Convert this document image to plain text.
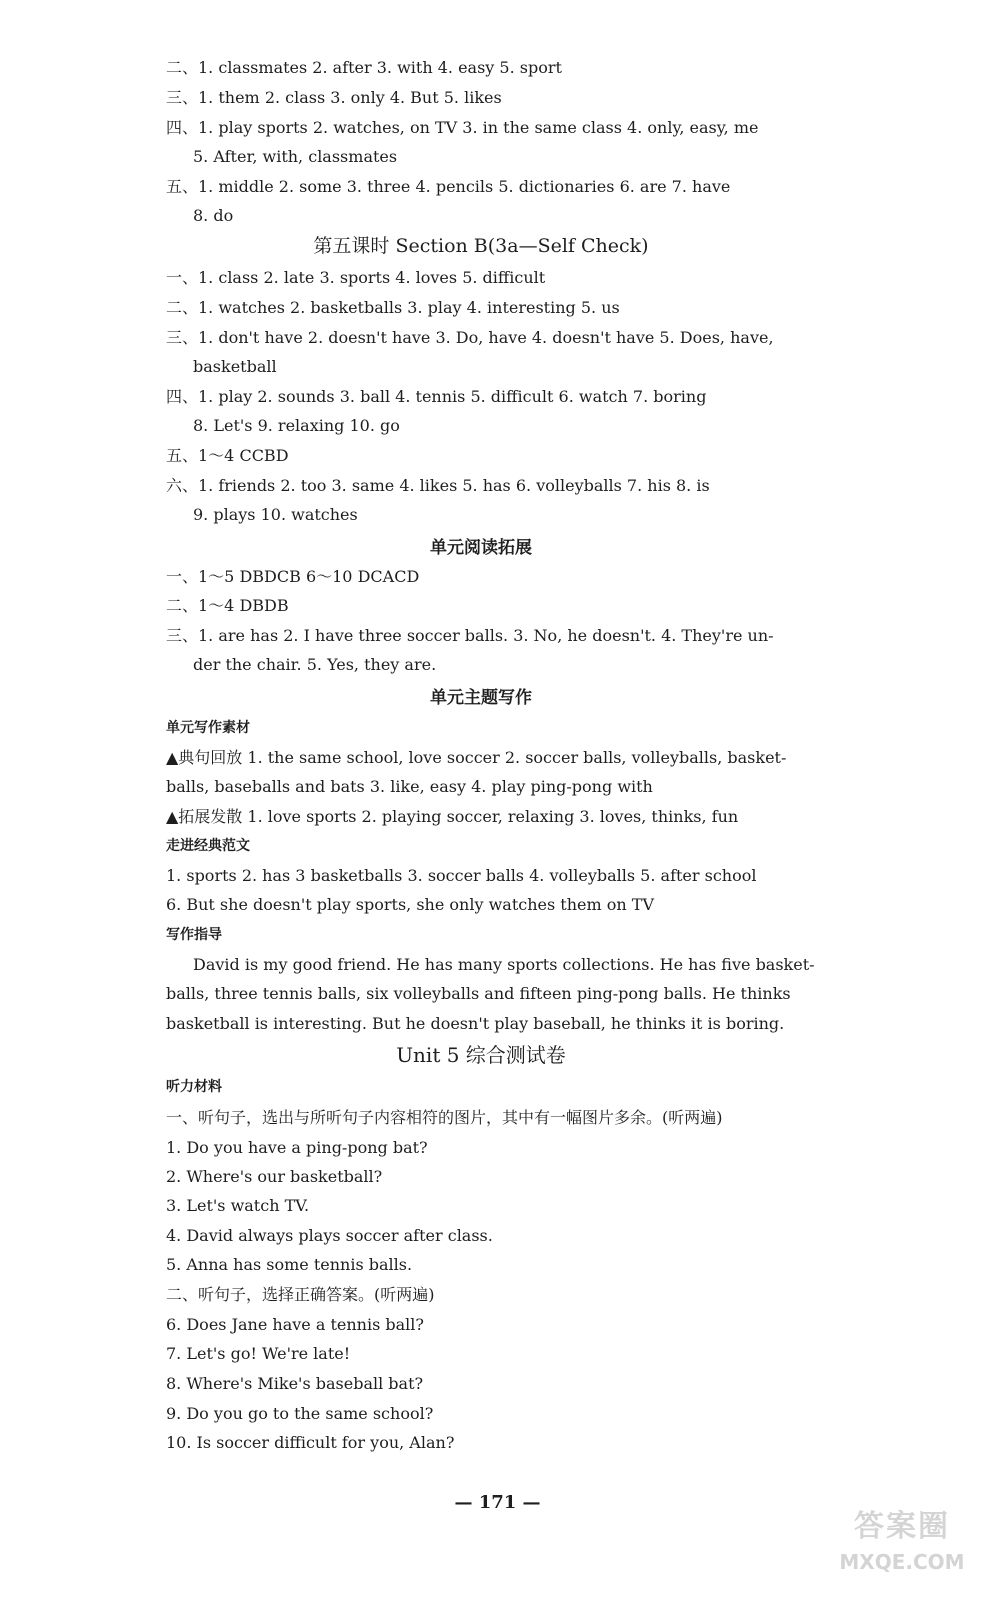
二、1. classmates 2. after 3. with 4. easy 5. sport
三、1. them 2. class 3. only 4. But 5. likes
四、1. play sports 2. watches, on TV 3. in the same class 4. only, easy, me
5. After, with, classmates
五、1. middle 2. some 3. three 4. pencils 5. dictionaries 6. are 7. have
8. do
第五课时 Section B(3a—Self Check)
一、1. class 2. late 3. sports 4. loves 5. difficult
二、1. watches 2. basketballs 3. play 4. interesting 5. us
三、1. don't have 2. doesn't have 3. Do, have 4. doesn't have 5. Does, have,
basketball
四、1. play 2. sounds 3. ball 4. tennis 5. difficult 6. watch 7. boring
8. Let's 9. relaxing 10. go
五、1～4 CCBD
六、1. friends 2. too 3. same 4. likes 5. has 6. volleyballs 7. his 8. is
9. plays 10. watches
单元阅读拓展
一、1～5 DBDCB 6～10 DCACD
二、1～4 DBDB
三、1. are has 2. I have three soccer balls. 3. No, he doesn't. 4. They're un-
der the chair. 5. Yes, they are.
单元主题写作
单元写作素材
▲典句回放 1. the same school, love soccer 2. soccer balls, volleyballs, basket-
balls, baseballs and bats 3. like, easy 4. play ping-pong with
▲拓展发散 1. love sports 2. playing soccer, relaxing 3. loves, thinks, fun
走进经典范文
1. sports 2. has 3 basketballs 3. soccer balls 4. volleyballs 5. after school
6. But she doesn't play sports, she only watches them on TV
写作指导
David is my good friend. He has many sports collections. He has five basket-
balls, three tennis balls, six volleyballs and fifteen ping-pong balls. He thinks
basketball is interesting. But he doesn't play baseball, he thinks it is boring.
Unit 5 综合测试卷
听力材料
一、听句子，选出与所听句子内容相符的图片，其中有一幅图片多余。(听两遍)
1. Do you have a ping-pong bat?
2. Where's our basketball?
3. Let's watch TV.
4. David always plays soccer after class.
5. Anna has some tennis balls.
二、听句子，选择正确答案。(听两遍)
6. Does Jane have a tennis ball?
7. Let's go! We're late!
8. Where's Mike's baseball bat?
9. Do you go to the same school?
10. Is soccer difficult for you, Alan?
— 171 —
答案圈
MXQE.COM
